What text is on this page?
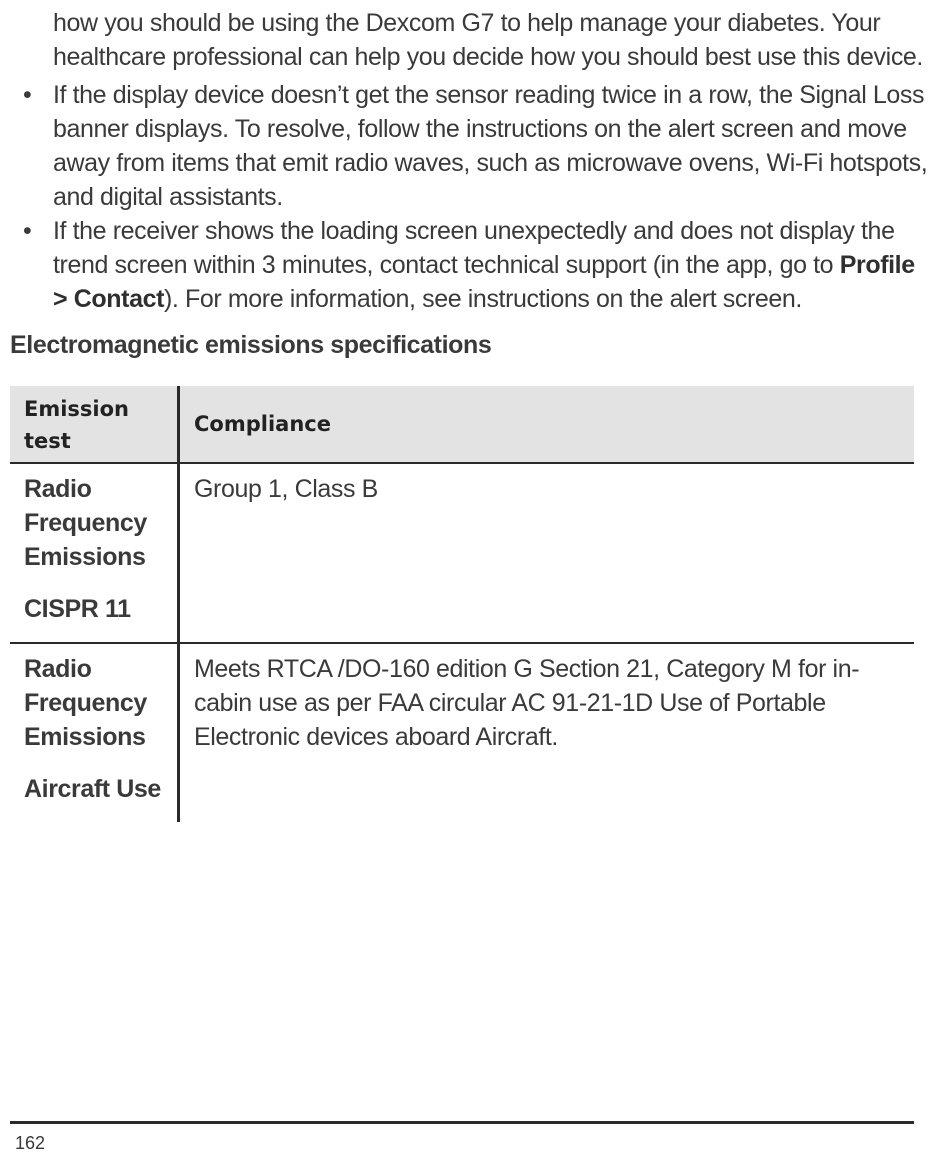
how you should be using the Dexcom G7 to help manage your diabetes. Your healthcare professional can help you decide how you should best use this device.

• If the display device doesn’t get the sensor reading twice in a row, the Signal Loss banner displays. To resolve, follow the instructions on the alert screen and move away from items that emit radio waves, such as microwave ovens, Wi-Fi hotspots, and digital assistants.
• If the receiver shows the loading screen unexpectedly and does not display the trend screen within 3 minutes, contact technical support (in the app, go to Profile > Contact). For more information, see instructions on the alert screen.
Electromagnetic emissions specifications
Emission test
Compliance
Radio Frequency Emissions
CISPR 11
Group 1, Class B
Radio Frequency Emissions
Aircraft Use
Meets RTCA /DO-160 edition G Section 21, Category M for in-cabin use as per FAA circular AC 91-21-1D Use of Portable Electronic devices aboard Aircraft.
162
